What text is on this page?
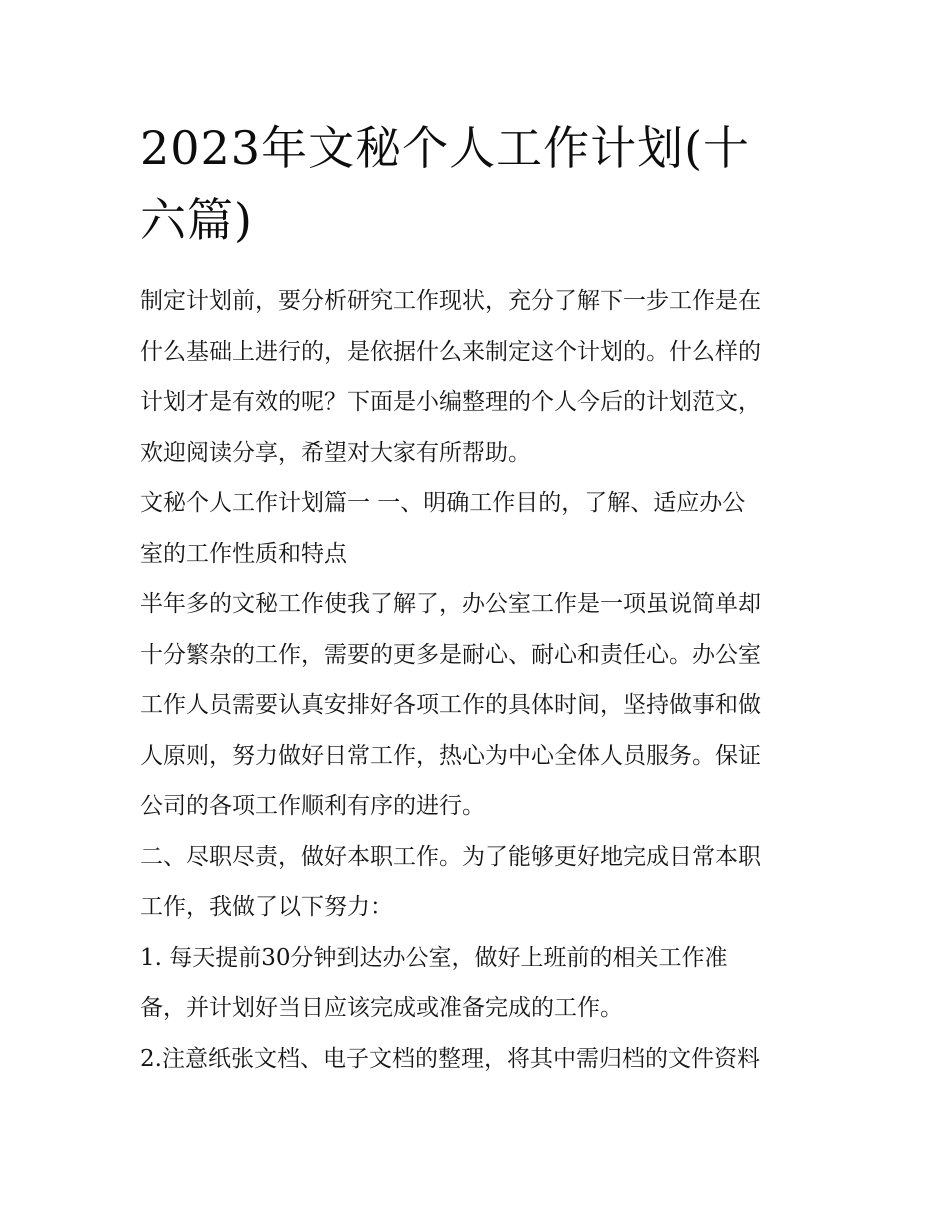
2023年文秘个人工作计划(十
六篇)

制定计划前，要分析研究工作现状，充分了解下一步工作是在
什么基础上进行的，是依据什么来制定这个计划的。什么样的
计划才是有效的呢？下面是小编整理的个人今后的计划范文，
欢迎阅读分享，希望对大家有所帮助。

文秘个人工作计划篇一 一、明确工作目的，了解、适应办公
室的工作性质和特点

半年多的文秘工作使我了解了，办公室工作是一项虽说简单却
十分繁杂的工作，需要的更多是耐心、耐心和责任心。办公室
工作人员需要认真安排好各项工作的具体时间，坚持做事和做
人原则，努力做好日常工作，热心为中心全体人员服务。保证
公司的各项工作顺利有序的进行。

二、尽职尽责，做好本职工作。为了能够更好地完成日常本职
工作，我做了以下努力：

1. 每天提前30分钟到达办公室，做好上班前的相关工作准
备，并计划好当日应该完成或准备完成的工作。

2.注意纸张文档、电子文档的整理，将其中需归档的文件资料
